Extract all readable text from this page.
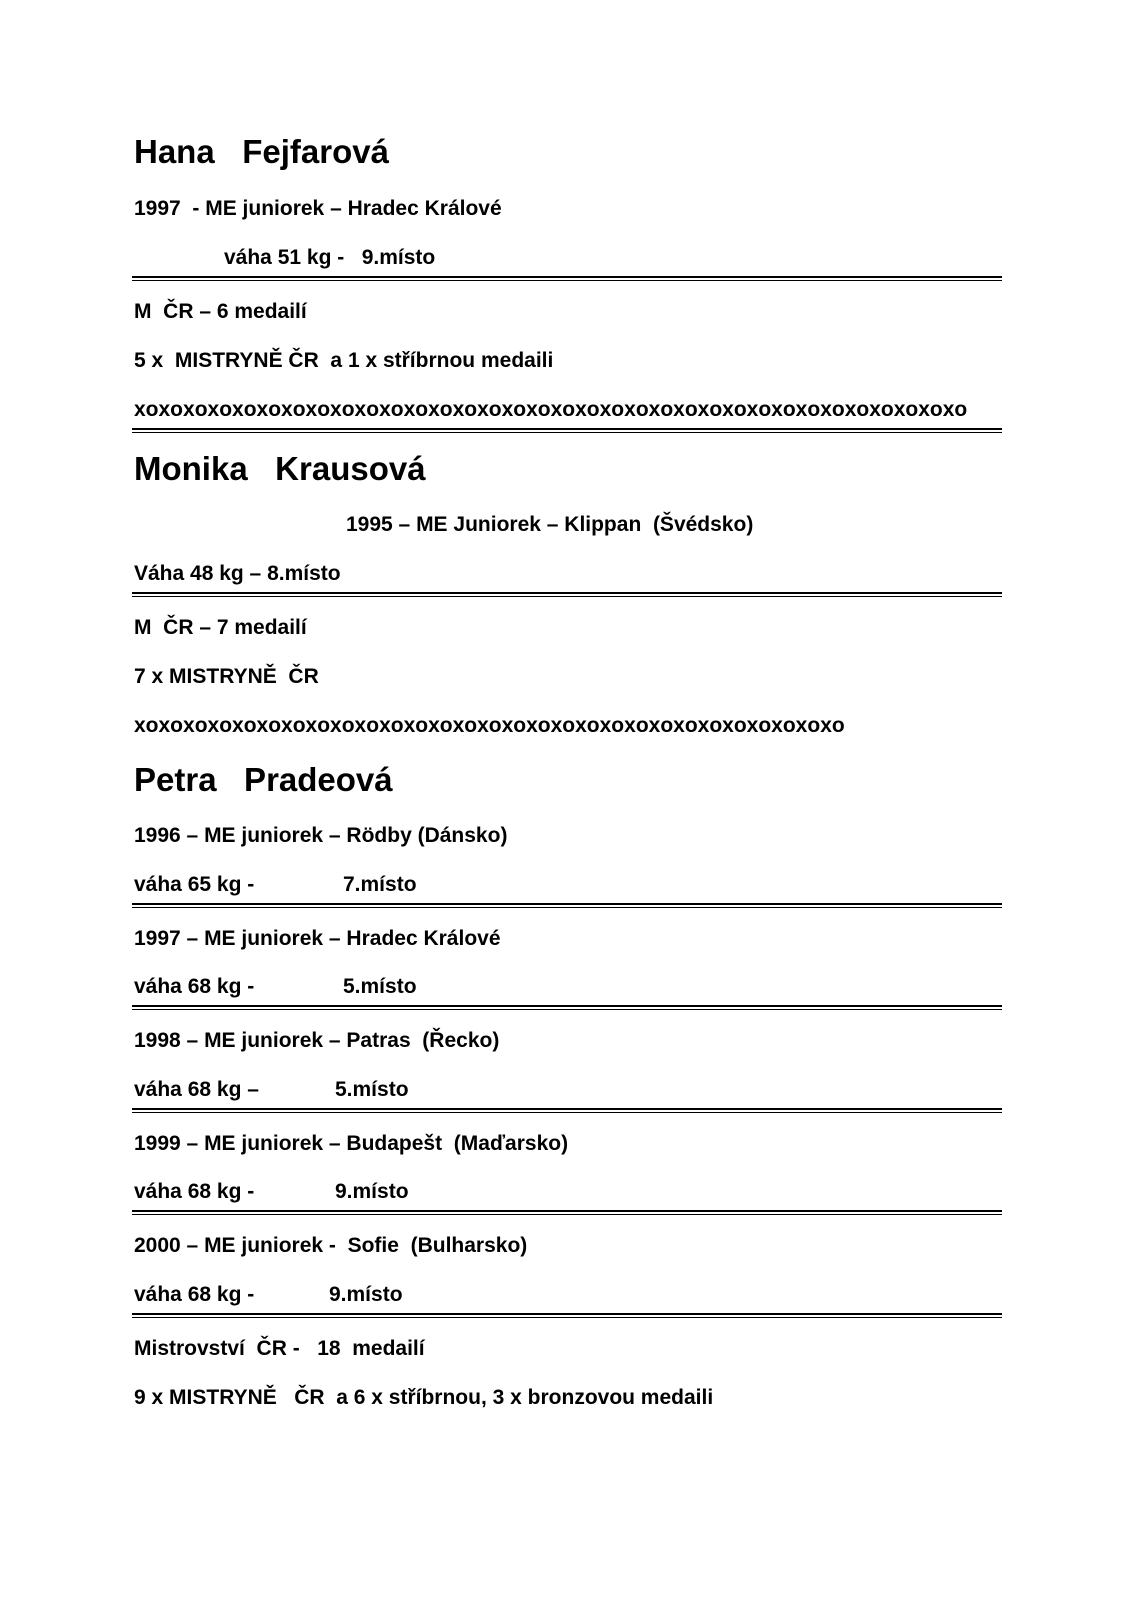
Hana   Fejfarová
1997  - ME juniorek – Hradec Králové
váha 51 kg -   9.místo
M  ČR – 6 medailí
5 x  MISTRYNĚ ČR  a 1 x stříbrnou medaili
xoxoxoxoxoxoxoxoxoxoxoxoxoxoxoxoxoxoxoxoxoxoxoxoxoxoxoxoxoxoxoxoxoxo
Monika   Krausová
1995 – ME Juniorek – Klippan  (Švédsko)
Váha 48 kg – 8.místo
M  ČR – 7 medailí
7 x MISTRYNĚ  ČR
xoxoxoxoxoxoxoxoxoxoxoxoxoxoxoxoxoxoxoxoxoxoxoxoxoxoxoxoxo
Petra   Pradeová
1996 – ME juniorek – Rödby (Dánsko)
váha 65 kg -	7.místo
1997 – ME juniorek – Hradec Králové
váha 68 kg -	5.místo
1998 – ME juniorek – Patras  (Řecko)
váha 68 kg –	5.místo
1999 – ME juniorek – Budapešt  (Maďarsko)
váha 68 kg -	9.místo
2000 – ME juniorek -  Sofie  (Bulharsko)
váha 68 kg -	9.místo
Mistrovství  ČR -   18  medailí
9 x MISTRYNĚ   ČR  a 6 x stříbrnou, 3 x bronzovou medaili
